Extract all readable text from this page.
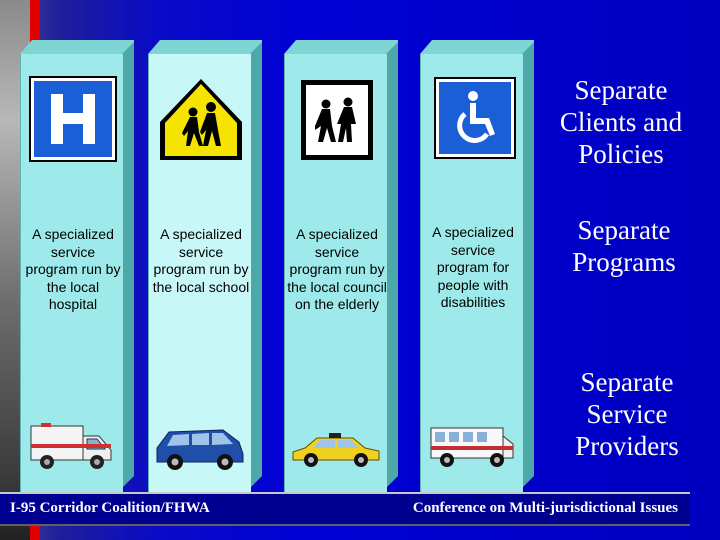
A specialized service program run by the local hospital
A specialized service program run by the local school
A specialized service program run by the local council on the elderly
A specialized service program for people with disabilities
Separate Clients and Policies
Separate Programs
Separate Service Providers
I-95 Corridor Coalition/FHWA	Conference on Multi-jurisdictional Issues
